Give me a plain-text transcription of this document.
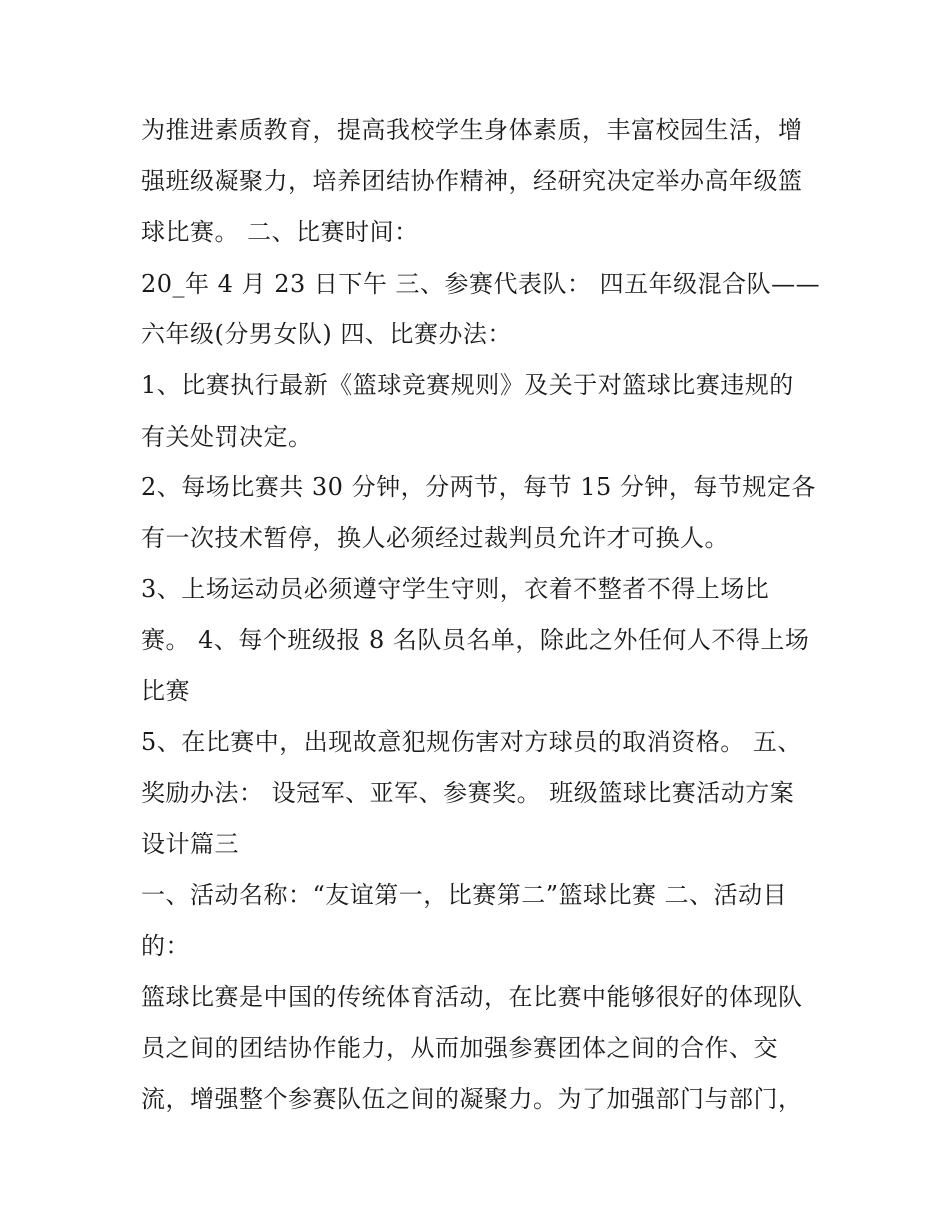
为推进素质教育，提高我校学生身体素质，丰富校园生活，增
强班级凝聚力，培养团结协作精神，经研究决定举办高年级篮
球比赛。 二、比赛时间：
20_年 4 月 23 日下午 三、参赛代表队： 四五年级混合队——
六年级(分男女队) 四、比赛办法：
1、比赛执行最新《篮球竞赛规则》及关于对篮球比赛违规的
有关处罚决定。
2、每场比赛共 30 分钟，分两节，每节 15 分钟，每节规定各
有一次技术暂停，换人必须经过裁判员允许才可换人。
3、上场运动员必须遵守学生守则，衣着不整者不得上场比
赛。 4、每个班级报 8 名队员名单，除此之外任何人不得上场
比赛
5、在比赛中，出现故意犯规伤害对方球员的取消资格。 五、
奖励办法： 设冠军、亚军、参赛奖。 班级篮球比赛活动方案
设计篇三
一、活动名称：“友谊第一，比赛第二”篮球比赛 二、活动目
的：
篮球比赛是中国的传统体育活动，在比赛中能够很好的体现队
员之间的团结协作能力，从而加强参赛团体之间的合作、交
流，增强整个参赛队伍之间的凝聚力。为了加强部门与部门，
